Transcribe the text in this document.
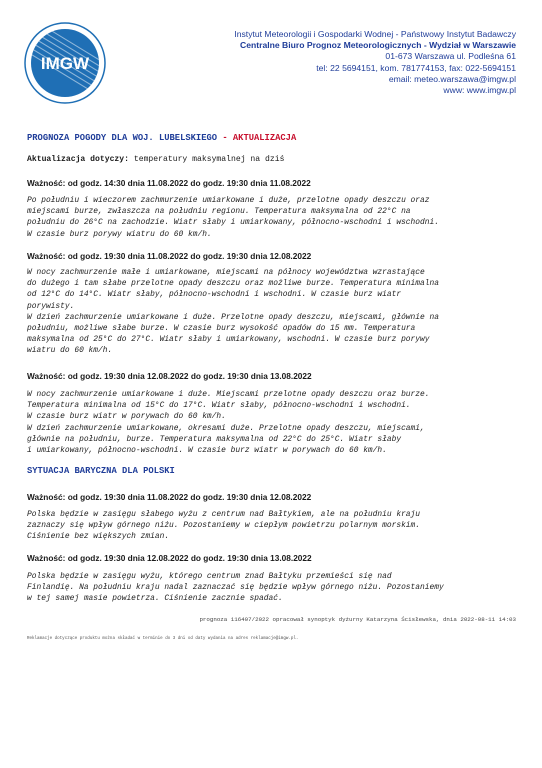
IMGW
Instytut Meteorologii i Gospodarki Wodnej - Państwowy Instytut Badawczy
Centralne Biuro Prognoz Meteorologicznych - Wydział w Warszawie
01-673 Warszawa ul. Podleśna 61
tel: 22 5694151, kom. 781774153, fax: 022-5694151
email: meteo.warszawa@imgw.pl
www: www.imgw.pl
PROGNOZA POGODY DLA WOJ. LUBELSKIEGO - AKTUALIZACJA
Aktualizacja dotyczy: temperatury maksymalnej na dziś
Ważność: od godz. 14:30 dnia 11.08.2022 do godz. 19:30 dnia 11.08.2022
Po południu i wieczorem zachmurzenie umiarkowane i duże, przelotne opady deszczu oraz
miejscami burze, zwłaszcza na południu regionu. Temperatura maksymalna od 22°C na
południu do 26°C na zachodzie. Wiatr słaby i umiarkowany, północno-wschodni i wschodni.
W czasie burz porywy wiatru do 60 km/h.
Ważność: od godz. 19:30 dnia 11.08.2022 do godz. 19:30 dnia 12.08.2022
W nocy zachmurzenie małe i umiarkowane, miejscami na północy województwa wzrastające
do dużego i tam słabe przelotne opady deszczu oraz możliwe burze. Temperatura minimalna
od 12°C do 14°C. Wiatr słaby, północno-wschodni i wschodni. W czasie burz wiatr
porywisty.
W dzień zachmurzenie umiarkowane i duże. Przelotne opady deszczu, miejscami, głównie na
południu, możliwe słabe burze. W czasie burz wysokość opadów do 15 mm. Temperatura
maksymalna od 25°C do 27°C. Wiatr słaby i umiarkowany, wschodni. W czasie burz porywy
wiatru do 60 km/h.
Ważność: od godz. 19:30 dnia 12.08.2022 do godz. 19:30 dnia 13.08.2022
W nocy zachmurzenie umiarkowane i duże. Miejscami przelotne opady deszczu oraz burze.
Temperatura minimalna od 15°C do 17°C. Wiatr słaby, północno-wschodni i wschodni.
W czasie burz wiatr w porywach do 60 km/h.
W dzień zachmurzenie umiarkowane, okresami duże. Przelotne opady deszczu, miejscami,
głównie na południu, burze. Temperatura maksymalna od 22°C do 25°C. Wiatr słaby
i umiarkowany, północno-wschodni. W czasie burz wiatr w porywach do 60 km/h.
SYTUACJA BARYCZNA DLA POLSKI
Ważność: od godz. 19:30 dnia 11.08.2022 do godz. 19:30 dnia 12.08.2022
Polska będzie w zasięgu słabego wyżu z centrum nad Bałtykiem, ale na południu kraju
zaznaczy się wpływ górnego niżu. Pozostaniemy w ciepłym powietrzu polarnym morskim.
Ciśnienie bez większych zmian.
Ważność: od godz. 19:30 dnia 12.08.2022 do godz. 19:30 dnia 13.08.2022
Polska będzie w zasięgu wyżu, którego centrum znad Bałtyku przemieści się nad
Finlandię. Na południu kraju nadal zaznaczać się będzie wpływ górnego niżu. Pozostaniemy
w tej samej masie powietrza. Ciśnienie zacznie spadać.
prognoza 116407/2022 opracował synoptyk dyżurny Katarzyna Ścisłewska, dnia 2022-08-11 14:03
Reklamacje dotyczące produktu można składać w terminie do 3 dni od daty wydania na adres reklamacje@imgw.pl.
